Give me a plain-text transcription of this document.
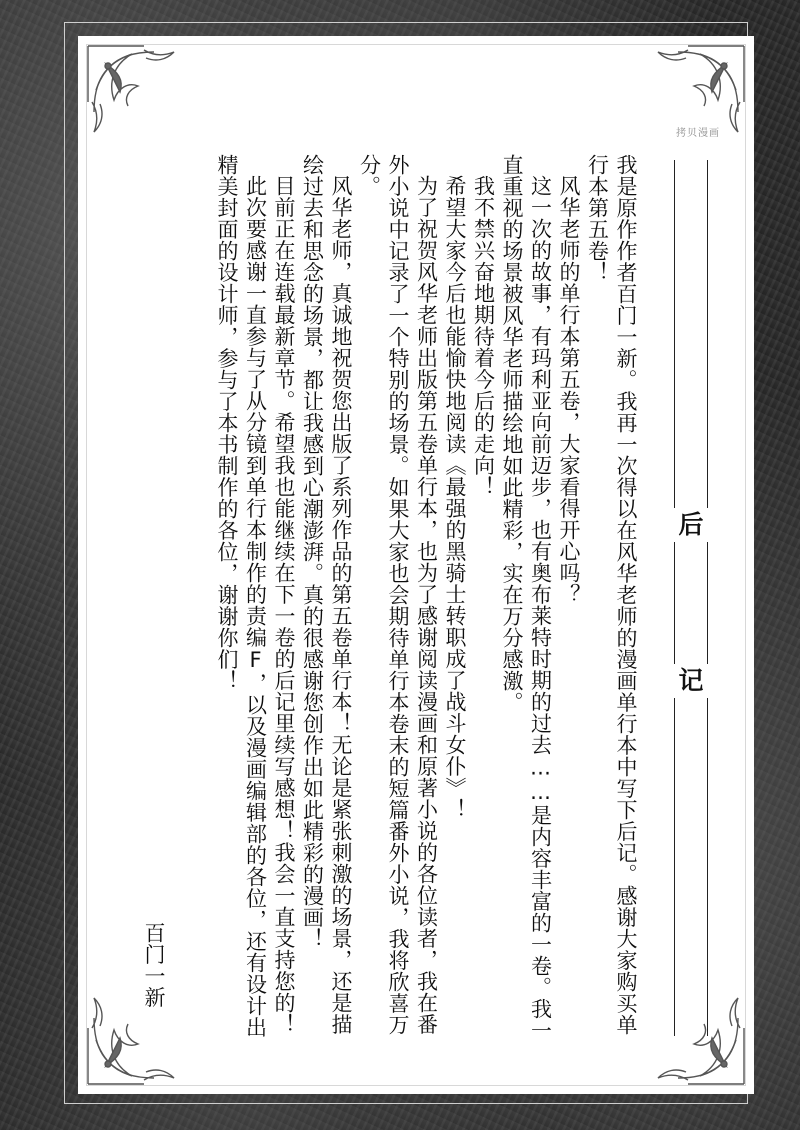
拷贝漫画
后
记

我是原作作者百门一新。我再一次得以在风华老师的漫画单行本中写下后记。感谢大家购买单行本第五卷！

风华老师的单行本第五卷，大家看得开心吗？

这一次的故事，有玛利亚向前迈步，也有奥布莱特时期的过去……是内容丰富的一卷。我一直重视的场景被风华老师描绘地如此精彩，实在万分感激。

我不禁兴奋地期待着今后的走向！

希望大家今后也能愉快地阅读《最强的黑骑士转职成了战斗女仆》！

为了祝贺风华老师出版第五卷单行本，也为了感谢阅读漫画和原著小说的各位读者，我在番外小说中记录了一个特别的场景。如果大家也会期待单行本卷末的短篇番外小说，我将欣喜万分。

风华老师，真诚地祝贺您出版了系列作品的第五卷单行本！无论是紧张刺激的场景，还是描绘过去和思念的场景，都让我感到心潮澎湃。真的很感谢您创作出如此精彩的漫画！

目前正在连载最新章节。希望我也能继续在下一卷的后记里续写感想！我会一直支持您的！

此次要感谢一直参与了从分镜到单行本制作的责编F，以及漫画编辑部的各位，还有设计出精美封面的设计师，参与了本书制作的各位，谢谢你们！

百门一新
